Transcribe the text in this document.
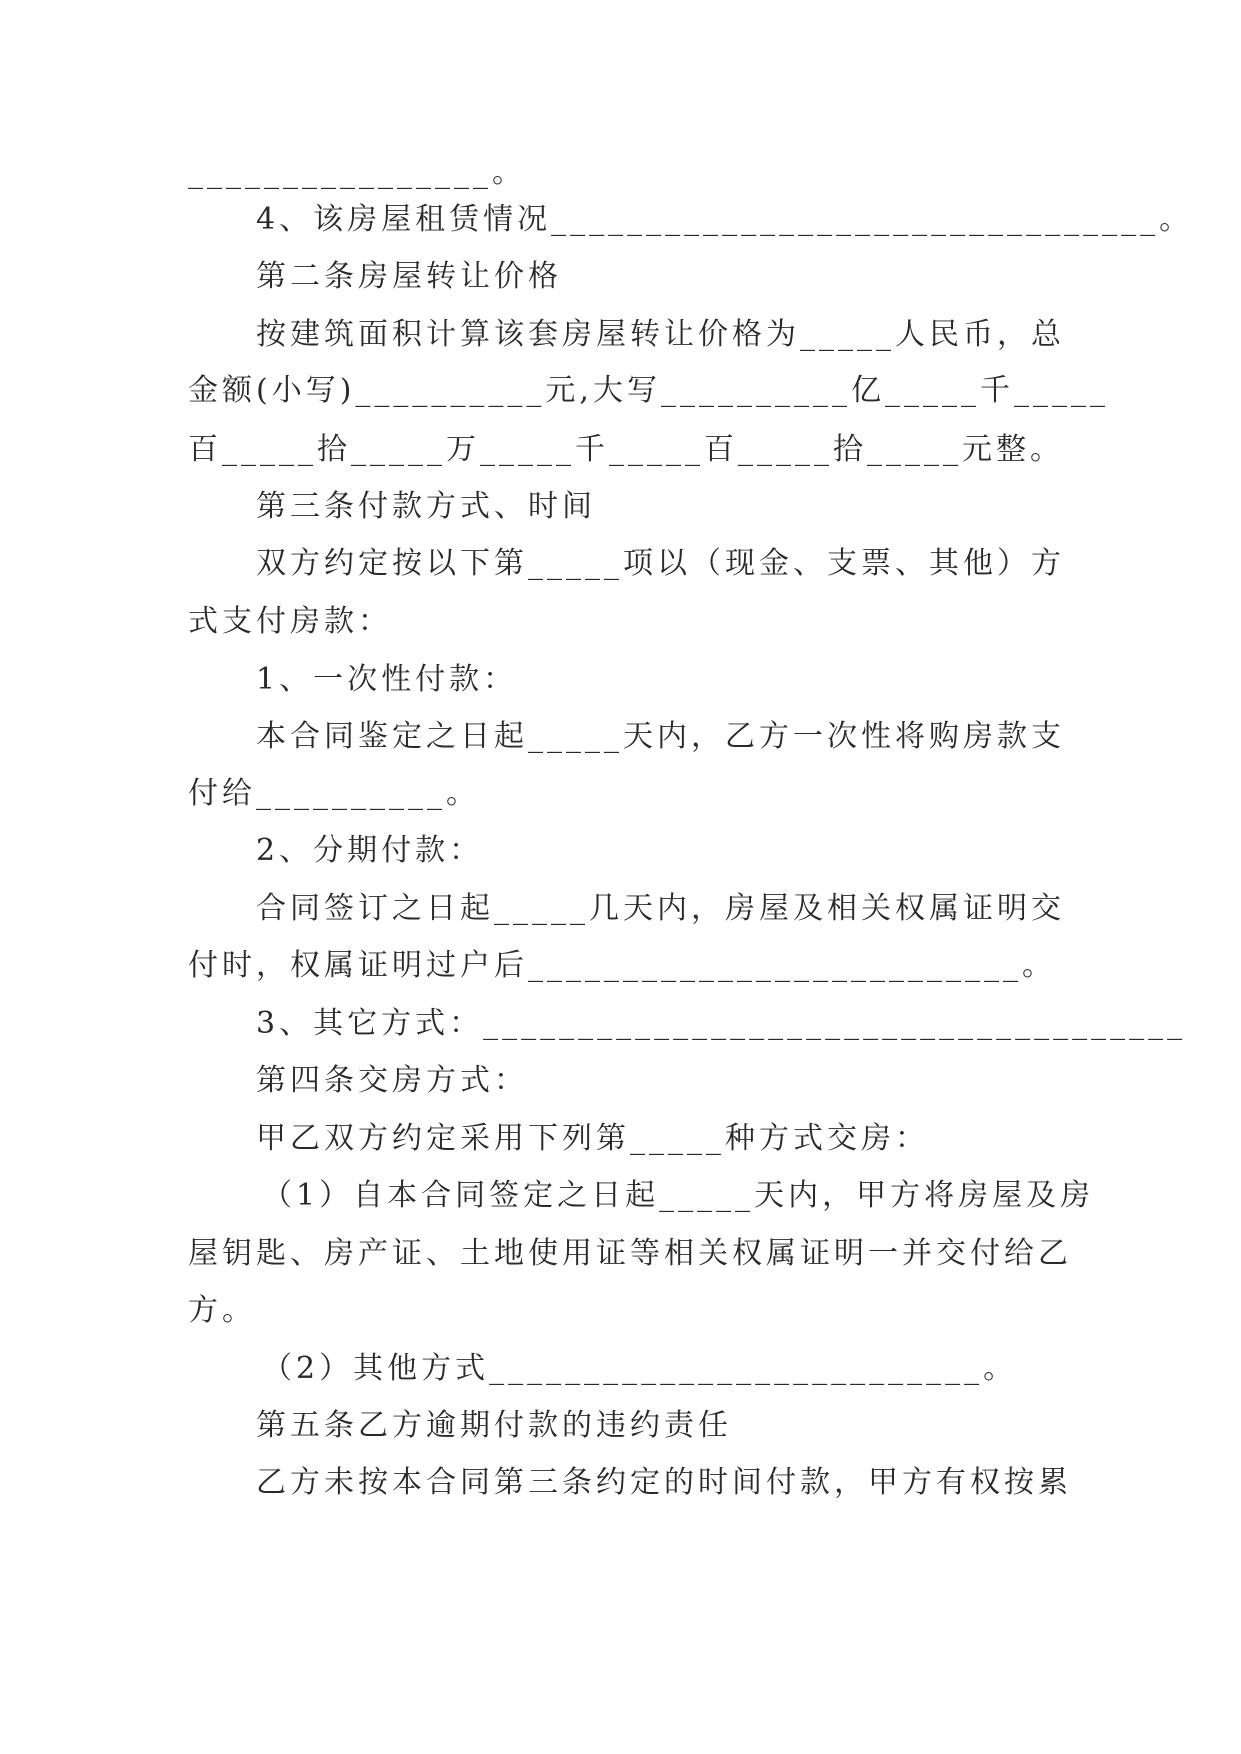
________________。
4、该房屋租赁情况________________________________。
第二条房屋转让价格
按建筑面积计算该套房屋转让价格为_____人民币，总
金额(小写)__________元,大写__________亿_____千_____
百_____拾_____万_____千_____百_____拾_____元整。
第三条付款方式、时间
双方约定按以下第_____项以（现金、支票、其他）方
式支付房款：
1、一次性付款：
本合同鉴定之日起_____天内，乙方一次性将购房款支
付给__________。
2、分期付款：
合同签订之日起_____几天内，房屋及相关权属证明交
付时，权属证明过户后__________________________。
3、其它方式：_____________________________________
第四条交房方式：
甲乙双方约定采用下列第_____种方式交房：
（1）自本合同签定之日起_____天内，甲方将房屋及房
屋钥匙、房产证、土地使用证等相关权属证明一并交付给乙
方。
（2）其他方式__________________________。
第五条乙方逾期付款的违约责任
乙方未按本合同第三条约定的时间付款，甲方有权按累
